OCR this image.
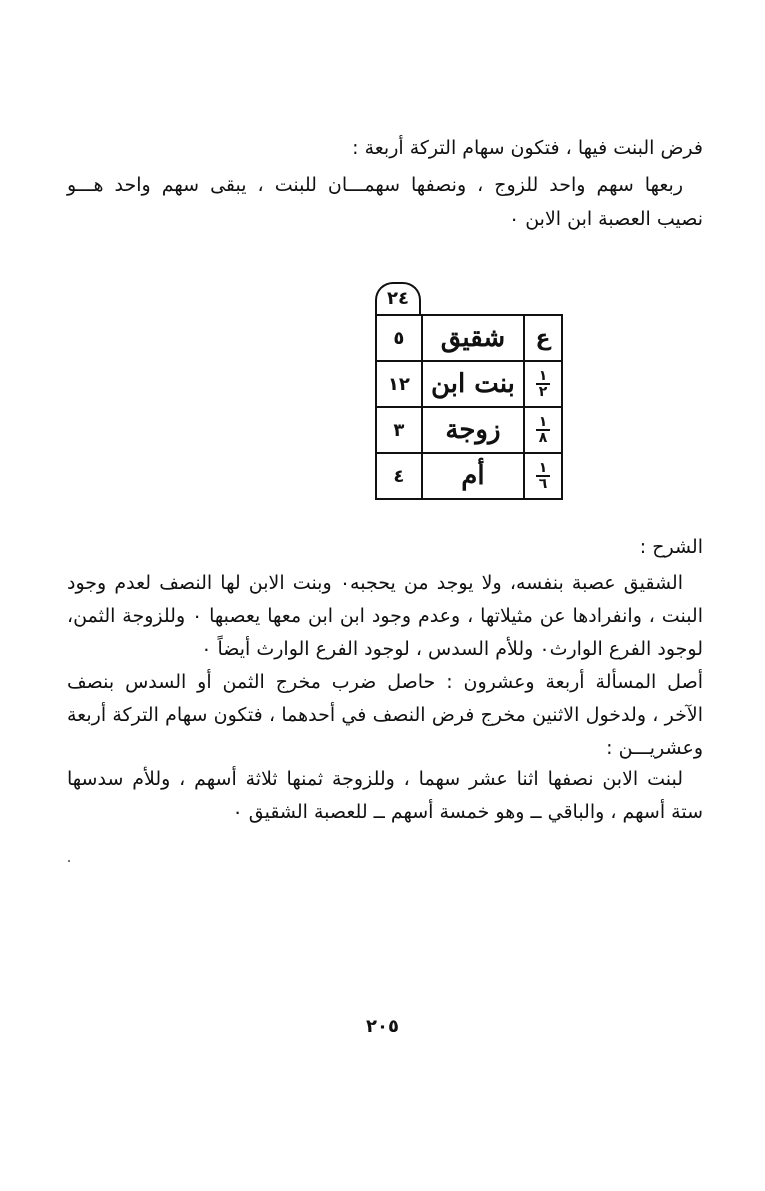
فرض البنت فيها ، فتكون سهام التركة أربعة :
ربعها سهم واحد للزوج ، ونصفها سهمـــان للبنت ، يبقى سهم واحد هـــو
نصيب العصبة ابن الابن ٠
٢٤
ع	شقيق	٥

$\frac{١}{٢}$	بنت ابن	١٢

$\frac{١}{٨}$	زوجة	٣

$\frac{١}{٦}$	أم	٤
الشرح :
الشقيق عصبة بنفسه، ولا يوجد من يحجبه٠ وبنت الابن لها النصف لعدم وجود
البنت ، وانفرادها عن مثيلاتها ، وعدم وجود ابن ابن معها يعصبها ٠ وللزوجة الثمن،
لوجود الفرع الوارث٠ وللأم السدس ، لوجود الفرع الوارث أيضاً ٠
أصل المسألة أربعة وعشرون : حاصل ضرب مخرج الثمن أو السدس بنصف
الآخر ، ولدخول الاثنين مخرج فرض النصف في أحدهما ، فتكون سهام التركة أربعة
وعشريـــن :
لبنت الابن نصفها اثنا عشر سهما ، وللزوجة ثمنها ثلاثة أسهم ، وللأم سدسها
ستة أسهم ، والباقي ــ وهو خمسة أسهم ــ للعصبة الشقيق ٠
٢٠٥
